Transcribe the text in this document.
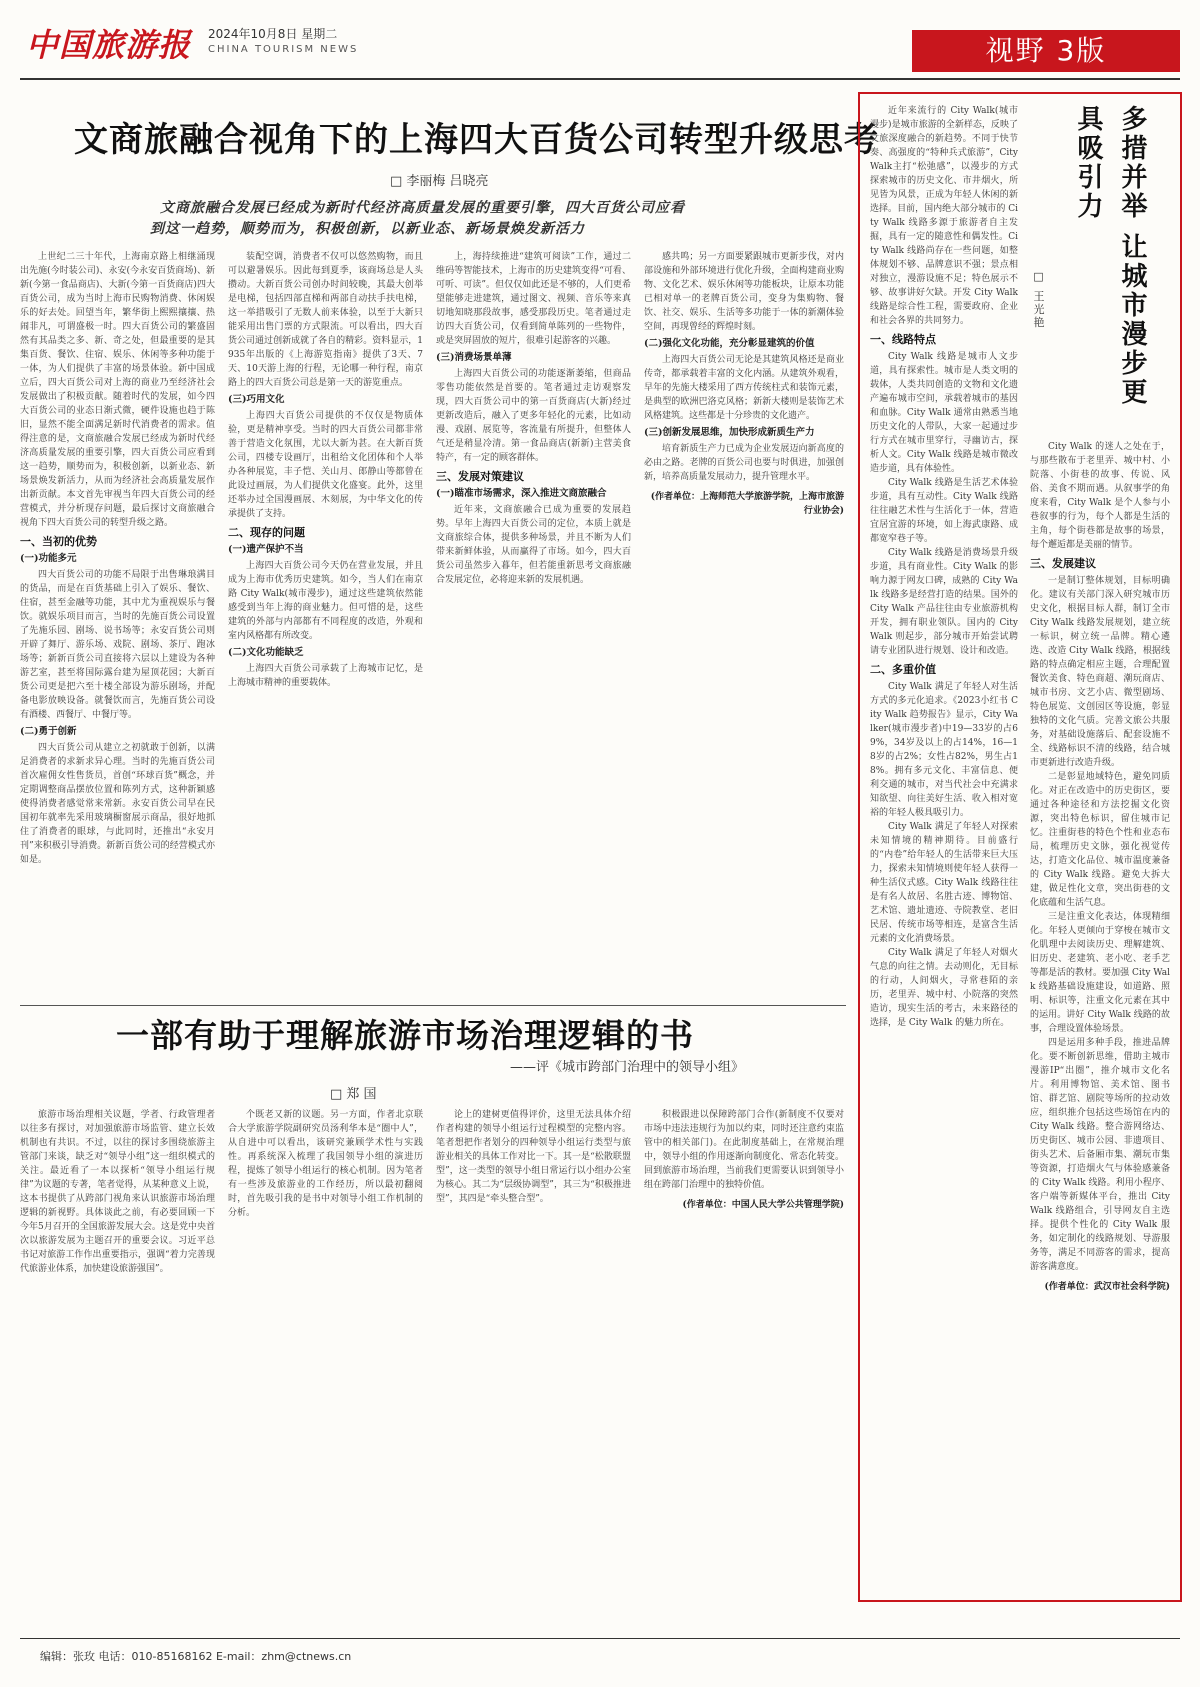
中国旅游报 2024年10月8日 星期二
CHINA TOURISM NEWS	视野 3版
文商旅融合视角下的上海四大百货公司转型升级思考
□ 李丽梅 吕晓亮
文商旅融合发展已经成为新时代经济高质量发展的重要引擎，四大百货公司应看
到这一趋势，顺势而为，积极创新，以新业态、新场景焕发新活力

上世纪二三十年代，上海南京路上相继涌现出先施(今时装公司)、永安(今永安百货商场)、新新(今第一食品商店)、大新(今第一百货商店)四大百货公司，成为当时上海市民购物消费、休闲娱乐的好去处。回望当年，繁华街上熙熙攘攘、热闹非凡，可谓盛极一时。四大百货公司的繁盛固然有其品类之多、新、奇之处，但最重要的是其集百货、餐饮、住宿、娱乐、休闲等多种功能于一体，为人们提供了丰富的场景体验。新中国成立后，四大百货公司对上海的商业乃至经济社会发展做出了积极贡献。随着时代的发展，如今四大百货公司的业态日渐式微，硬件设施也趋于陈旧，显然不能全面满足新时代消费者的需求。值得注意的是，文商旅融合发展已经成为新时代经济高质量发展的重要引擎，四大百货公司应看到这一趋势，顺势而为，积极创新，以新业态、新场景焕发新活力，从而为经济社会高质量发展作出新贡献。本文首先审视当年四大百货公司的经营模式，并分析现存问题，最后探讨文商旅融合视角下四大百货公司的转型升级之路。

一、当初的优势
(一)功能多元

四大百货公司的功能不局限于出售琳琅满目的货品，而是在百货基础上引入了娱乐、餐饮、住宿，甚至金融等功能，其中尤为重视娱乐与餐饮。就娱乐项目而言，当时的先施百货公司设置了先施乐园、剧场、说书场等；永安百货公司则开辟了舞厅、游乐场、戏院、剧场、茶厅、跑冰场等；新新百货公司直接将六层以上建设为各种游艺室，甚至将国际露台建为屋顶花园；大新百货公司更是把六至十楼全部设为游乐剧场，并配备电影放映设备。就餐饮而言，先施百货公司设有酒楼、西餐厅、中餐厅等。

(二)勇于创新

四大百货公司从建立之初就敢于创新，以满足消费者的求新求异心理。当时的先施百货公司首次雇佣女性售货员，首创“环球百货”概念，并定期调整商品摆放位置和陈列方式，这种新颖感使得消费者感觉常来常新。永安百货公司早在民国初年就率先采用玻璃橱窗展示商品，很好地抓住了消费者的眼球，与此同时，还推出“永安月刊”来积极引导消费。新新百货公司的经营模式亦如是。

装配空调，消费者不仅可以悠然购物，而且可以避暑娱乐。因此每到夏季，该商场总是人头攒动。大新百货公司创办时间较晚，其最大创举是电梯，包括四部直梯和两部自动扶手扶电梯，这一举措吸引了无数人前来体验，以至于大新只能采用出售门票的方式限流。可以看出，四大百货公司通过创新成就了各自的精彩。资料显示，1935年出版的《上海游览指南》提供了3天、7天、10天游上海的行程，无论哪一种行程，南京路上的四大百货公司总是第一天的游览重点。

(三)巧用文化

上海四大百货公司提供的不仅仅是物质体验，更是精神享受。当时的四大百货公司都非常善于营造文化氛围，尤以大新为甚。在大新百货公司，四楼专设画厅，出租给文化团体和个人举办各种展览，丰子恺、关山月、郎静山等都曾在此设过画展，为人们提供文化盛宴。此外，这里还举办过全国漫画展、木刻展，为中华文化的传承提供了支持。

二、现存的问题
(一)遗产保护不当

上海四大百货公司今天仍在营业发展，并且成为上海市优秀历史建筑。如今，当人们在南京路 City Walk(城市漫步)，通过这些建筑依然能感受到当年上海的商业魅力。但可惜的是，这些建筑的外部与内部都有不同程度的改造，外观和室内风格都有所改变。

(二)文化功能缺乏

上海四大百货公司承载了上海城市记忆，是上海城市精神的重要载体。

上，海持续推进“建筑可阅读”工作，通过二维码等智能技术，上海市的历史建筑变得“可看、可听、可读”。但仅仅如此还是不够的，人们更希望能够走进建筑，通过图文、视频、音乐等来真切地知晓那段故事，感受那段历史。笔者通过走访四大百货公司，仅看到简单陈列的一些物件，或是突屏固放的短片，很难引起游客的兴趣。

(三)消费场景单薄

上海四大百货公司的功能逐渐萎缩，但商品零售功能依然是首要的。笔者通过走访观察发现，四大百货公司中的第一百货商店(大新)经过更新改造后，融入了更多年轻化的元素，比如动漫、戏剧、展览等，客流量有所提升，但整体人气还是稍显冷清。第一食品商店(新新)主营美食特产，有一定的顾客群体。

三、发展对策建议
(一)瞄准市场需求，深入推进文商旅融合

近年来，文商旅融合已成为重要的发展趋势。早年上海四大百货公司的定位，本质上就是文商旅综合体，提供多种场景，并且不断为人们带来新鲜体验，从而赢得了市场。如今，四大百货公司虽然步入暮年，但若能重新思考文商旅融合发展定位，必将迎来新的发展机遇。

感共鸣；另一方面要紧跟城市更新步伐，对内部设施和外部环境进行优化升级，全面构建商业购物、文化艺术、娱乐休闲等功能板块，让原本功能已相对单一的老牌百货公司，变身为集购物、餐饮、社交、娱乐、生活等多功能于一体的新潮体验空间，再现曾经的辉煌时刻。

(二)强化文化功能，充分彰显建筑的价值

上海四大百货公司无论是其建筑风格还是商业传奇，都承载着丰富的文化内涵。从建筑外观看，早年的先施大楼采用了西方传统柱式和装饰元素，是典型的欧洲巴洛克风格；新新大楼则是装饰艺术风格建筑。这些都是十分珍贵的文化遗产。

(三)创新发展思维，加快形成新质生产力

培育新质生产力已成为企业发展迈向新高度的必由之路。老牌的百货公司也要与时俱进，加强创新，培养高质量发展动力，提升管理水平。

(作者单位：上海师范大学旅游学院，上海市旅游行业协会)
一部有助于理解旅游市场治理逻辑的书
——评《城市跨部门治理中的领导小组》
□ 郑 国

旅游市场治理相关议题，学者、行政管理者以往多有探讨，对加强旅游市场监管、建立长效机制也有共识。不过，以往的探讨多围绕旅游主管部门来谈，缺乏对“领导小组”这一组织模式的关注。最近看了一本以探析“领导小组运行规律”为议题的专著，笔者觉得，从某种意义上说，这本书提供了从跨部门视角来认识旅游市场治理逻辑的新视野。具体谈此之前，有必要回顾一下今年5月召开的全国旅游发展大会。这是党中央首次以旅游发展为主题召开的重要会议。习近平总书记对旅游工作作出重要指示，强调“着力完善现代旅游业体系，加快建设旅游强国”。

个既老又新的议题。另一方面，作者北京联合大学旅游学院副研究员汤利华本是“圈中人”，从自进中可以看出，该研究兼顾学术性与实践性。再系统深入梳理了我国领导小组的演进历程，提炼了领导小组运行的核心机制。因为笔者有一些涉及旅游业的工作经历，所以最初翻阅时，首先吸引我的是书中对领导小组工作机制的分析。

论上的建树更值得评价，这里无法具体介绍作者构建的领导小组运行过程模型的完整内容。笔者想把作者划分的四种领导小组运行类型与旅游业相关的具体工作对比一下。其一是“松散联盟型”，这一类型的领导小组日常运行以小组办公室为核心。其二为“层级协调型”，其三为“积极推进型”，其四是“牵头整合型”。

积极跟进以保障跨部门合作(新制度不仅要对市场中违法违规行为加以约束，同时还注意约束监管中的相关部门)。在此制度基础上，在常规治理中，领导小组的作用逐渐向制度化、常态化转变。回到旅游市场治理，当前我们更需要认识到领导小组在跨部门治理中的独特价值。

(作者单位：中国人民大学公共管理学院)
多措并举 让城市漫步更具吸引力
□ 王光艳

近年来流行的 City Walk(城市漫步)是城市旅游的全新样态，反映了文旅深度融合的新趋势。不同于快节奏、高强度的“特种兵式旅游”，City Walk主打“松弛感”，以漫步的方式探索城市的历史文化、市井烟火，所见皆为风景，正成为年轻人休闲的新选择。目前，国内绝大部分城市的 City Walk 线路多源于旅游者自主发掘，具有一定的随意性和偶发性。City Walk 线路尚存在一些问题，如整体规划不够、品牌意识不强；景点相对独立，漫游设施不足；特色展示不够、故事讲好欠缺。开发 City Walk 线路是综合性工程，需要政府、企业和社会各界的共同努力。

一、线路特点

City Walk 线路是城市人文步道，具有探索性。城市是人类文明的载体，人类共同创造的文物和文化遗产遍布城市空间，承载着城市的基因和血脉。City Walk 通常由熟悉当地历史文化的人带队，大家一起通过步行方式在城市里穿行，寻幽访古，探析人文。City Walk 线路是城市微改造步道，具有体验性。

City Walk 线路是生活艺术体验步道，具有互动性。City Walk 线路往往融艺术性与生活化于一体，营造宜居宜游的环境，如上海武康路、成都宽窄巷子等。

City Walk 线路是消费场景升级步道，具有商业性。City Walk 的影响力源于网友口碑，成熟的 City Walk 线路多是经营打造的结果。国外的 City Walk 产品往往由专业旅游机构开发，拥有职业领队。国内的 City Walk 则起步，部分城市开始尝试聘请专业团队进行规划、设计和改造。

二、多重价值

City Walk 满足了年轻人对生活方式的多元化追求。《2023小红书 City Walk 趋势报告》显示，City Walker(城市漫步者)中19—33岁的占69%，34岁及以上的占14%，16—18岁的占2%；女性占82%，男生占18%。拥有多元文化、丰富信息、便利交通的城市，对当代社会中充满求知欲望、向往美好生活、收入相对宽裕的年轻人极具吸引力。

City Walk 满足了年轻人对探索未知情境的精神期待。目前盛行的“内卷”给年轻人的生活带来巨大压力，探索未知情境则使年轻人获得一种生活仪式感。City Walk 线路往往是有名人故居、名胜古迹、博物馆、艺术馆、遗址遗迹、寺院教堂、老旧民居、传统市场等相连，是富含生活元素的文化消费场景。

City Walk 满足了年轻人对烟火气息的向往之情。去动则化，无目标的行动，人间烟火，寻常巷陌的亲历，老里弄、城中村、小院落的突然造访，现实生活的考古，未来路径的选择，是 City Walk 的魅力所在。

City Walk 的迷人之处在于，与那些散布于老里弄、城中村、小院落、小街巷的故事、传说、风俗、美食不期而遇。从叙事学的角度来看，City Walk 是个人参与小巷叙事的行为，每个人都是生活的主角，每个街巷都是故事的场景，每个邂逅都是美丽的情节。

三、发展建议

一是制订整体规划，目标明确化。建议有关部门深入研究城市历史文化，根据目标人群，制订全市 City Walk 线路发展规划，建立统一标识，树立统一品牌。精心遴选、改造 City Walk 线路，根据线路的特点确定相应主题，合理配置餐饮美食、特色商超、潮玩商店、城市书房、文艺小店、微型剧场、特色展览、文创园区等设施，彰显独特的文化气质。完善文旅公共服务，对基础设施落后、配套设施不全、线路标识不清的线路，结合城市更新进行改造升级。

二是彰显地域特色，避免同质化。对正在改造中的历史街区，要通过各种途径和方法挖掘文化资源，突出特色标识，留住城市记忆。注重街巷的特色个性和业态布局，梳理历史文脉，强化视觉传达，打造文化品位、城市温度兼备的 City Walk 线路。避免大拆大建，做足性化文章，突出街巷的文化底蕴和生活气息。

三是注重文化表达，体现精细化。年轻人更倾向于穿梭在城市文化肌理中去阅读历史、理解建筑、旧历史、老建筑、老小吃、老手艺等都是活的教材。要加强 City Walk 线路基础设施建设，如道路、照明、标识等，注重文化元素在其中的运用。讲好 City Walk 线路的故事，合理设置体验场景。

四是运用多种手段，推进品牌化。要不断创新思维，借助主城市漫游IP“出圈”，推介城市文化名片。利用博物馆、美术馆、图书馆、群艺馆、剧院等场所的拉动效应，组织推介包括这些场馆在内的 City Walk 线路。整合游网络达、历史街区、城市公园、非遗项目、街头艺术、后备厢市集、潮玩市集等资源，打造烟火气与体验感兼备的 City Walk 线路。利用小程序、客户端等新媒体平台，推出 City Walk 线路组合，引导网友自主选择。提供个性化的 City Walk 服务，如定制化的线路规划、导游服务等，满足不同游客的需求，提高游客满意度。

(作者单位：武汉市社会科学院)
编辑：张玫 电话：010-85168162 E-mail：zhm@ctnews.cn
